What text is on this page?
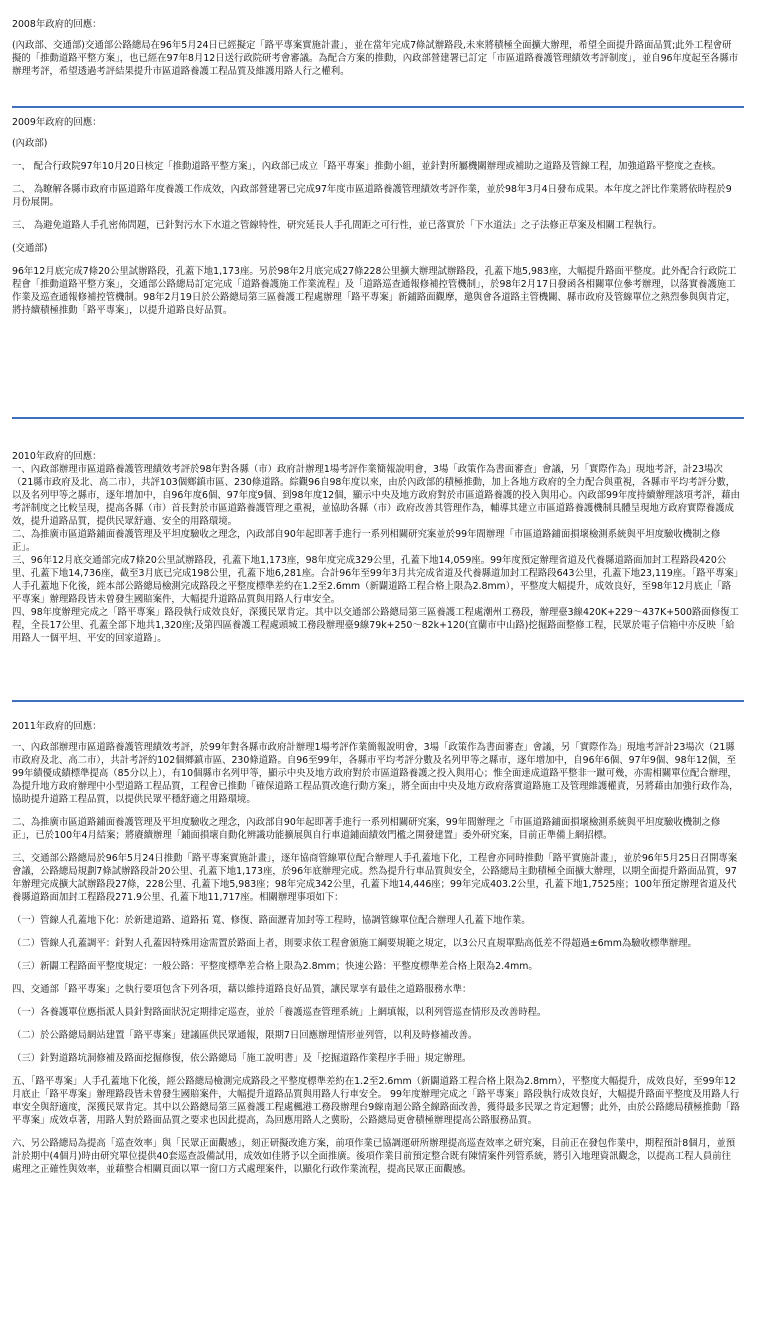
2008年政府的回應：

(內政部、交通部)交通部公路總局在96年5月24日已經擬定「路平專案實施計畫」，並在當年完成7條試辦路段,未來將積極全面擴大辦理，希望全面提升路面品質;此外工程會研擬的「推動道路平整方案」，也已經在97年8月12日送行政院研考會審議。為配合方案的推動，內政部營建署已訂定「市區道路養護管理績效考評制度」，並自96年度起至各縣市辦理考評，希望透過考評結果提升市區道路養護工程品質及維護用路人行之權利。

2009年政府的回應：

(內政部)

一、 配合行政院97年10月20日核定「推動道路平整方案」，內政部已成立「路平專案」推動小組，並針對所屬機關辦理或補助之道路及管線工程，加強道路平整度之查核。

二、 為瞭解各縣市政府市區道路年度養護工作成效，內政部營建署已完成97年度市區道路養護管理績效考評作業，並於98年3月4日發布成果。本年度之評比作業將依時程於9月份展開。

三、 為避免道路人手孔密佈問題，已針對污水下水道之管線特性，研究延長人手孔間距之可行性，並已落實於「下水道法」之子法修正草案及相關工程執行。

(交通部)

96年12月底完成7條20公里試辦路段，孔蓋下地1,173座。另於98年2月底完成27條228公里擴大辦理試辦路段，孔蓋下地5,983座，大幅提升路面平整度。此外配合行政院工程會「推動道路平整方案」，交通部公路總局訂定完成「道路養護施工作業流程」及「道路巡查通報修補控管機制」，於98年2月17日發函各相關單位參考辦理，以落實養護施工作業及巡查通報修補控管機制。98年2月19日於公路總局第三區養護工程處辦理「路平專案」新鋪路面觀摩，邀與會各道路主管機關、縣市政府及管線單位之熱烈參與與肯定，將持續積極推動「路平專案」，以提升道路良好品質。

2010年政府的回應：

一、內政部辦理市區道路養護管理績效考評於98年對各縣（市）政府計辦理1場考評作業簡報說明會，3場「政策作為書面審查」會議，另「實際作為」現地考評，計23場次（21縣市政府及北、高二市），共評103個鄉鎮市區、230條道路。綜觀96自98年度以來，由於內政部的積極推動，加上各地方政府的全力配合與重視，各縣市平均考評分數，以及名列甲等之縣市，逐年增加中，自96年度6個、97年度9個、到98年度12個，顯示中央及地方政府對於市區道路養護的投入與用心。內政部99年度持續辦理該項考評，藉由考評制度之比較呈現，提高各縣（市）首長對於市區道路養護管理之重視，並協助各縣（市）政府改善其管理作為，輔導其建立市區道路養護機制具體呈現地方政府實際養護成效，提升道路品質，提供民眾舒適、安全的用路環境。

二、為推廣市區道路鋪面養護管理及平坦度驗收之理念，內政部自90年起即著手進行一系列相關研究案並於99年間辦理「市區道路鋪面損壞檢測系統與平坦度驗收機制之修正」。

三、96年12月底交通部完成7條20公里試辦路段，孔蓋下地1,173座，98年度完成329公里，孔蓋下地14,059座。99年度預定辦理省道及代養縣道路面加封工程路段420公里、孔蓋下地14,736座，截至3月底已完成198公里，孔蓋下地6,281座。合計96年至99年3月共完成省道及代養縣道加封工程路段643公里，孔蓋下地23,119座。「路平專案」人手孔蓋地下化後，經本部公路總局檢測完成路段之平整度標準差約在1.2至2.6mm（新闢道路工程合格上限為2.8mm），平整度大幅提升，成效良好，至98年12月底止「路平專案」辦理路段皆未曾發生國賠案件，大幅提升道路品質與用路人行車安全。

四、98年度辦理完成之「路平專案」路段執行成效良好，深獲民眾肯定。其中以交通部公路總局第三區養護工程處潮州工務段，辦理臺3線420K+229～437K+500路面修復工程，全長17公里、孔蓋全部下地共1,320座;及第四區養護工程處頭城工務段辦理臺9線79k+250～82k+120(宜蘭市中山路)挖掘路面整修工程，民眾於電子信箱中亦反映「給用路人一個平坦、平安的回家道路」。

2011年政府的回應：

一、內政部辦理市區道路養護管理績效考評，於99年對各縣市政府計辦理1場考評作業簡報說明會，3場「政策作為書面審查」會議，另「實際作為」現地考評計23場次（21縣市政府及北、高二市），共計考評約102個鄉鎮市區、230條道路。自96至99年，各縣市平均考評分數及名列甲等之縣市，逐年增加中，自96年6個、97年9個、98年12個，至99年績優成績標準提高（85分以上），有10個縣市名列甲等，顯示中央及地方政府對於市區道路養護之投入與用心；惟全面達成道路平整非一蹴可幾，亦需相關單位配合辦理，為提升地方政府辦理中小型道路工程品質，工程會已推動「確保道路工程品質改進行動方案」，將全面由中央及地方政府落實道路施工及管理維護權責，另將藉由加強行政作為，協助提升道路工程品質，以提供民眾平穩舒適之用路環境。

二、為推廣市區道路鋪面養護管理及平坦度驗收之理念，內政部自90年起即著手進行一系列相關研究案，99年間辦理之「市區道路鋪面損壞檢測系統與平坦度驗收機制之修正」，已於100年4月結案；將賡續辦理「鋪面損壞自動化辨識功能擴展與自行車道鋪面績效門檻之開發建置」委外研究案，目前正準備上網招標。

三、交通部公路總局於96年5月24日推動「路平專案實施計畫」，逐年協商管線單位配合辦理人手孔蓋地下化，工程會亦同時推動「路平實施計畫」，並於96年5月25日召開專案會議，公路總局規劃7條試辦路段計20公里、孔蓋下地1,173座，於96年底辦理完成。然為提升行車品質與安全，公路總局主動積極全面擴大辦理，以期全面提升路面品質，97年辦理完成擴大試辦路段27條，228公里、孔蓋下地5,983座；98年完成342公里，孔蓋下地14,446座；99年完成403.2公里，孔蓋下地1,7525座；100年預定辦理省道及代養縣道路面加封工程路段271.9公里、孔蓋下地11,717座。相關辦理事項如下：

（一）管線人孔蓋地下化：於新建道路、道路拓 寬、修復、路面瀝青加封等工程時，協調管線單位配合辦理人孔蓋下地作業。

（二）管線人孔蓋調平：針對人孔蓋因特殊用途需置於路面上者，則要求依工程會頒施工綱要規範之規定，以3公尺直規單點高低差不得超過±6mm為驗收標準辦理。

（三）新闢工程路面平整度規定：一般公路：平整度標準差合格上限為2.8mm；快速公路：平整度標準差合格上限為2.4mm。

四、交通部「路平專案」之執行要項包含下列各項，藉以維持道路良好品質，讓民眾享有最佳之道路服務水準：

（一）各養護單位應指派人員針對路面狀況定期排定巡查，並於「養護巡查管理系統」上網填報，以利列管巡查情形及改善時程。

（二）於公路總局網站建置「路平專案」建議區供民眾通報，限期7日回應辦理情形並列管，以利及時修補改善。

（三）針對道路坑洞修補及路面挖掘修復，依公路總局「施工說明書」及「挖掘道路作業程序手冊」規定辦理。

五、「路平專案」人手孔蓋地下化後，經公路總局檢測完成路段之平整度標準差約在1.2至2.6mm（新闢道路工程合格上限為2.8mm），平整度大幅提升，成效良好，至99年12月底止「路平專案」辦理路段皆未曾發生國賠案件，大幅提升道路品質與用路人行車安全。 99年度辦理完成之「路平專案」路段執行成效良好，大幅提升路面平整度及用路人行車安全與舒適度，深獲民眾肯定。其中以公路總局第三區養護工程處楓港工務段辦理台9線南迴公路全線路面改善，獲得最多民眾之肯定迴響；此外，由於公路總局積極推動「路平專案」成效卓著，用路人對於路面品質之要求也因此提高，為回應用路人之冀盼，公路總局更會積極辦理提高公路服務品質。

六、另公路總局為提高「巡查效率」與「民眾正面觀感」，刻正研擬改進方案，前項作業已協調運研所辦理提高巡查效率之研究案，目前正在發包作業中，期程預計8個月，並預計於期中(4個月)時由研究單位提供40套巡查設備試用，成效如佳將予以全面推廣。後項作業目前預定整合既有陳情案件列管系統，將引入地理資訊觀念，以提高工程人員前往處理之正確性與效率，並藉整合相關頁面以單一窗口方式處理案件，以顯化行政作業流程，提高民眾正面觀感。
